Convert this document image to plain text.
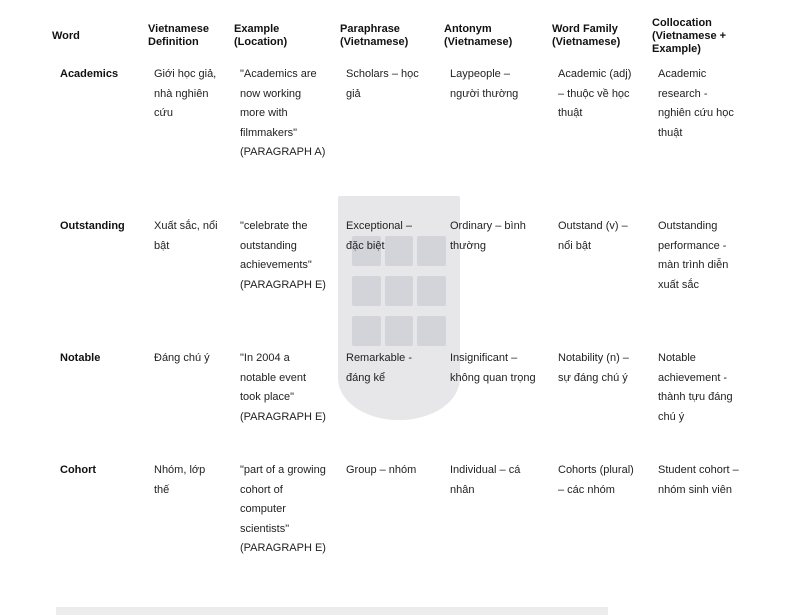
Word	Vietnamese Definition	Example (Location)	Paraphrase (Vietnamese)	Antonym (Vietnamese)	Word Family (Vietnamese)	Collocation (Vietnamese + Example)
Academics	Giới học giả, nhà nghiên cứu	"Academics are now working more with filmmakers" (PARAGRAPH A)	Scholars – học giả	Laypeople – người thường	Academic (adj) – thuộc về học thuật	Academic research - nghiên cứu học thuật
Outstanding	Xuất sắc, nổi bật	"celebrate the outstanding achievements" (PARAGRAPH E)	Exceptional – đặc biệt	Ordinary – bình thường	Outstand (v) – nổi bật	Outstanding performance - màn trình diễn xuất sắc
Notable	Đáng chú ý	"In 2004 a notable event took place" (PARAGRAPH E)	Remarkable - đáng kể	Insignificant – không quan trọng	Notability (n) – sự đáng chú ý	Notable achievement - thành tựu đáng chú ý
Cohort	Nhóm, lớp thế	"part of a growing cohort of computer scientists" (PARAGRAPH E)	Group – nhóm	Individual – cá nhân	Cohorts (plural) – các nhóm	Student cohort – nhóm sinh viên
